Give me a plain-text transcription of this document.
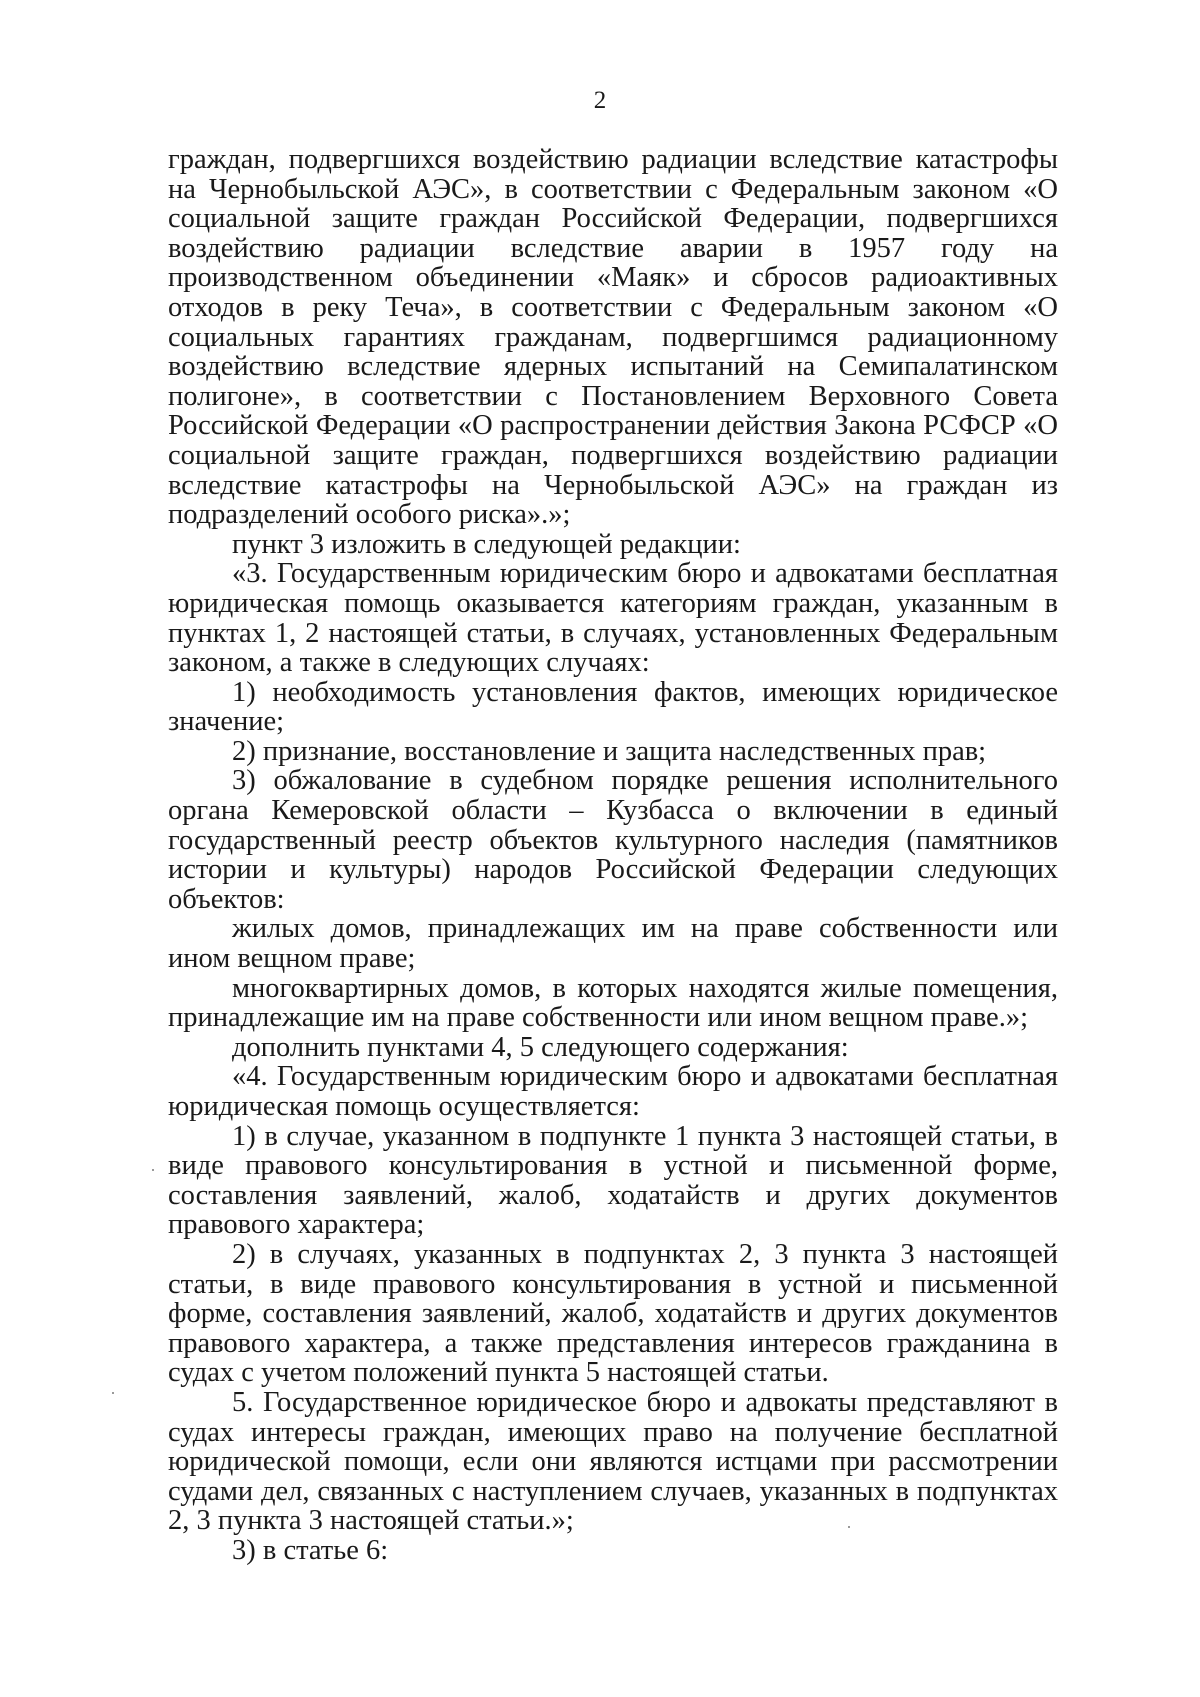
2

граждан, подвергшихся воздействию радиации вследствие катастрофы на Чернобыльской АЭС», в соответствии с Федеральным законом «О социальной защите граждан Российской Федерации, подвергшихся воздействию радиации вследствие аварии в 1957 году на производственном объединении «Маяк» и сбросов радиоактивных отходов в реку Теча», в соответствии с Федеральным законом «О социальных гарантиях гражданам, подвергшимся радиационному воздействию вследствие ядерных испытаний на Семипалатинском полигоне», в соответствии с Постановлением Верховного Совета Российской Федерации «О распространении действия Закона РСФСР «О социальной защите граждан, подвергшихся воздействию радиации вследствие катастрофы на Чернобыльской АЭС» на граждан из подразделений особого риска».»;

пункт 3 изложить в следующей редакции:

«3. Государственным юридическим бюро и адвокатами бесплатная юридическая помощь оказывается категориям граждан, указанным в пунктах 1, 2 настоящей статьи, в случаях, установленных Федеральным законом, а также в следующих случаях:

1) необходимость установления фактов, имеющих юридическое значение;

2) признание, восстановление и защита наследственных прав;

3) обжалование в судебном порядке решения исполнительного органа Кемеровской области – Кузбасса о включении в единый государственный реестр объектов культурного наследия (памятников истории и культуры) народов Российской Федерации следующих объектов:

жилых домов, принадлежащих им на праве собственности или ином вещном праве;

многоквартирных домов, в которых находятся жилые помещения, принадлежащие им на праве собственности или ином вещном праве.»;

дополнить пунктами 4, 5 следующего содержания:

«4. Государственным юридическим бюро и адвокатами бесплатная юридическая помощь осуществляется:

1) в случае, указанном в подпункте 1 пункта 3 настоящей статьи, в виде правового консультирования в устной и письменной форме, составления заявлений, жалоб, ходатайств и других документов правового характера;

2) в случаях, указанных в подпунктах 2, 3 пункта 3 настоящей статьи, в виде правового консультирования в устной и письменной форме, составления заявлений, жалоб, ходатайств и других документов правового характера, а также представления интересов гражданина в судах с учетом положений пункта 5 настоящей статьи.

5. Государственное юридическое бюро и адвокаты представляют в судах интересы граждан, имеющих право на получение бесплатной юридической помощи, если они являются истцами при рассмотрении судами дел, связанных с наступлением случаев, указанных в подпунктах 2, 3 пункта 3 настоящей статьи.»;

3) в статье 6:
